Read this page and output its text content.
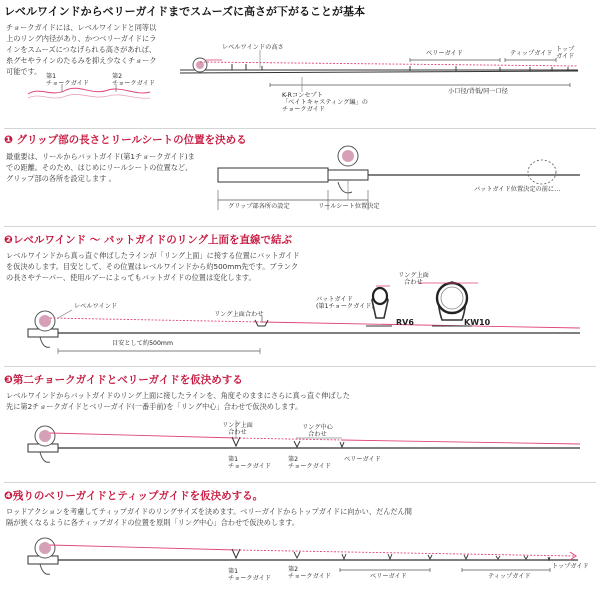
レベルワインドからベリーガイドまでスムーズに高さが下がることが基本
チョークガイドには、レベルワインドと同等以上のリング内径があり、かつベリーガイドにラインをスムーズにつなげられる高さがあれば、糸グセやラインのたるみを抑え少なくチョーク可能です。
第1
チョークガイド
第2
チョークガイド
レベルワインドの高さ
ベリーガイド	ティップガイド
トップ
ガイド
小口径/背低/同一口径
K-Rコンセプト
「ベイトキャスティング編」の
チョークガイド
❶ グリップ部の長さとリールシートの位置を決める
最重要は、リールからバットガイド(第1チョークガイド)までの距離。そのため、はじめにリールシートの位置など、グリップ部の各所を設定します 。
グリップ部各所の設定	リールシート位置決定
バットガイド位置決定の前に…
❷レベルワインド ～ バットガイドのリング上面を直線で結ぶ
レベルワインドから真っ直ぐ伸ばしたラインが「リング上面」に接する位置にバットガイドを仮決めします。目安として、その位置はレベルワインドから約500mm先です。ブランクの長さやテーパー、使用ルアーによってもバットガイドの位置は変化します。
レベルワインド
リング上面合わせ
目安として約500mm
バットガイド
(第1チョークガイド)
リング上面
合わせ
RV6	KW10
❸第二チョークガイドとベリーガイドを仮決めする
レベルワインドからバットガイドのリング上面に接したラインを、角度そのままにさらに真っ直ぐ伸ばした先に第2チョークガイドとベリーガイド(一番手前)を「リング中心」合わせで仮決めします。
リング上面
合わせ
リング中心
合わせ
第1
チョークガイド
第2
チョークガイド
ベリーガイド
❹残りのベリーガイドとティップガイドを仮決めする。
ロッドアクションを考慮してティップガイドのリングサイズを決めます。ベリーガイドからトップガイドに向かい、だんだん間隔が狭くなるように各ティップガイドの位置を原則「リング中心」合わせで仮決めします。
第1
チョークガイド
第2
チョークガイド	ベリーガイド	ティップガイド
トップガイド
